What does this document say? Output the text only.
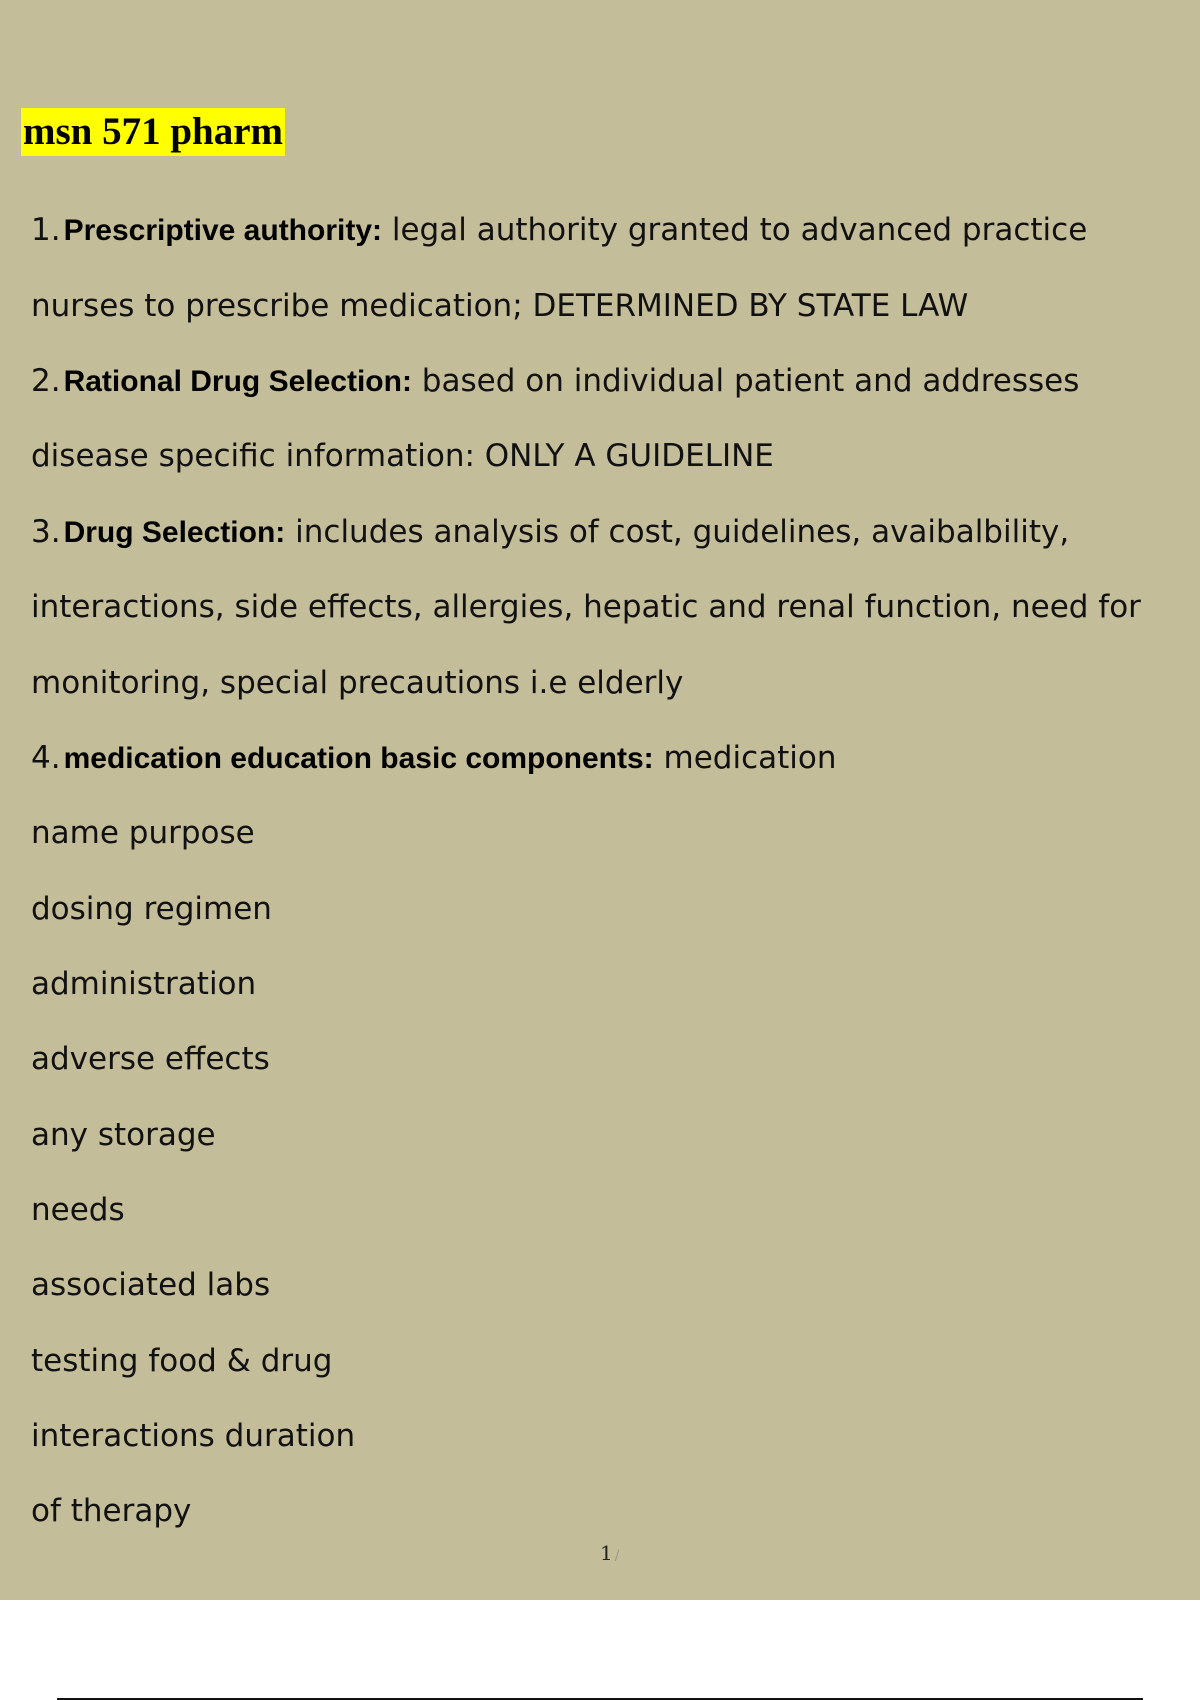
msn 571 pharm
1. Prescriptive authority: legal authority granted to advanced practice
nurses to prescribe medication; DETERMINED BY STATE LAW
2. Rational Drug Selection: based on individual patient and addresses
disease specific information: ONLY A GUIDELINE
3. Drug Selection: includes analysis of cost, guidelines, avaibalbility,
interactions, side effects, allergies, hepatic and renal function, need for
monitoring, special precautions i.e elderly
4. medication education basic components: medication
name purpose
dosing regimen
administration
adverse effects
any storage
needs
associated labs
testing food & drug
interactions duration
of therapy
1 /
